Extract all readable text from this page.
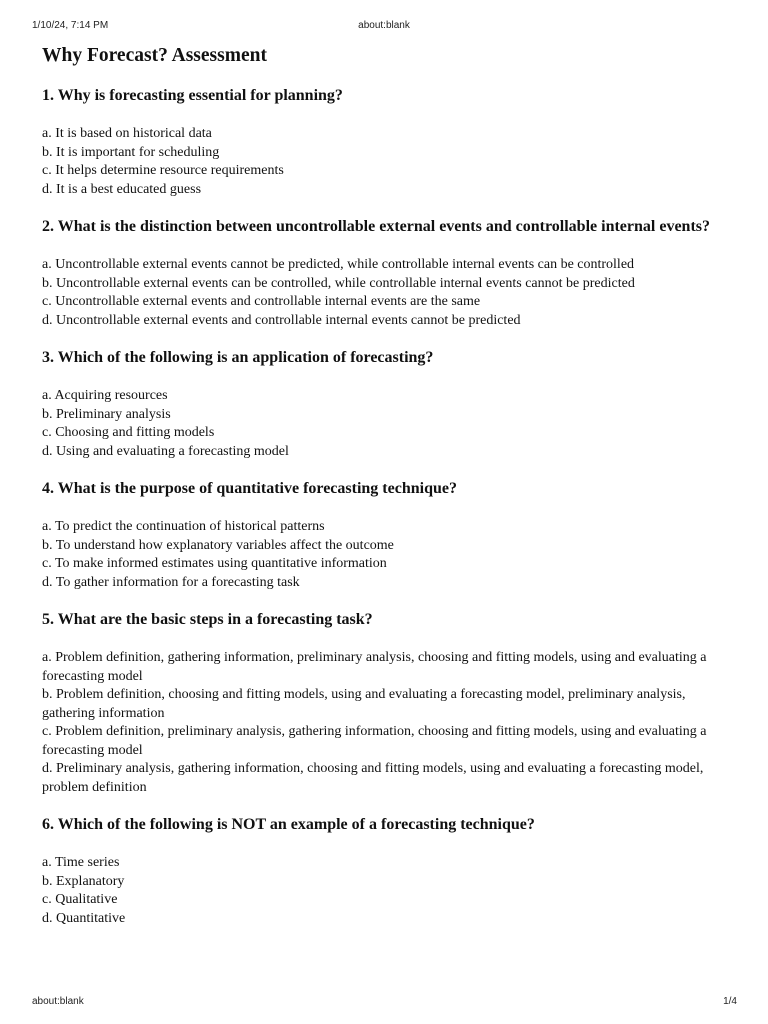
1/10/24, 7:14 PM	about:blank
Why Forecast? Assessment
1. Why is forecasting essential for planning?
a. It is based on historical data
b. It is important for scheduling
c. It helps determine resource requirements
d. It is a best educated guess
2. What is the distinction between uncontrollable external events and controllable internal events?
a. Uncontrollable external events cannot be predicted, while controllable internal events can be controlled
b. Uncontrollable external events can be controlled, while controllable internal events cannot be predicted
c. Uncontrollable external events and controllable internal events are the same
d. Uncontrollable external events and controllable internal events cannot be predicted
3. Which of the following is an application of forecasting?
a. Acquiring resources
b. Preliminary analysis
c. Choosing and fitting models
d. Using and evaluating a forecasting model
4. What is the purpose of quantitative forecasting technique?
a. To predict the continuation of historical patterns
b. To understand how explanatory variables affect the outcome
c. To make informed estimates using quantitative information
d. To gather information for a forecasting task
5. What are the basic steps in a forecasting task?
a. Problem definition, gathering information, preliminary analysis, choosing and fitting models, using and evaluating a forecasting model
b. Problem definition, choosing and fitting models, using and evaluating a forecasting model, preliminary analysis, gathering information
c. Problem definition, preliminary analysis, gathering information, choosing and fitting models, using and evaluating a forecasting model
d. Preliminary analysis, gathering information, choosing and fitting models, using and evaluating a forecasting model, problem definition
6. Which of the following is NOT an example of a forecasting technique?
a. Time series
b. Explanatory
c. Qualitative
d. Quantitative
about:blank	1/4
